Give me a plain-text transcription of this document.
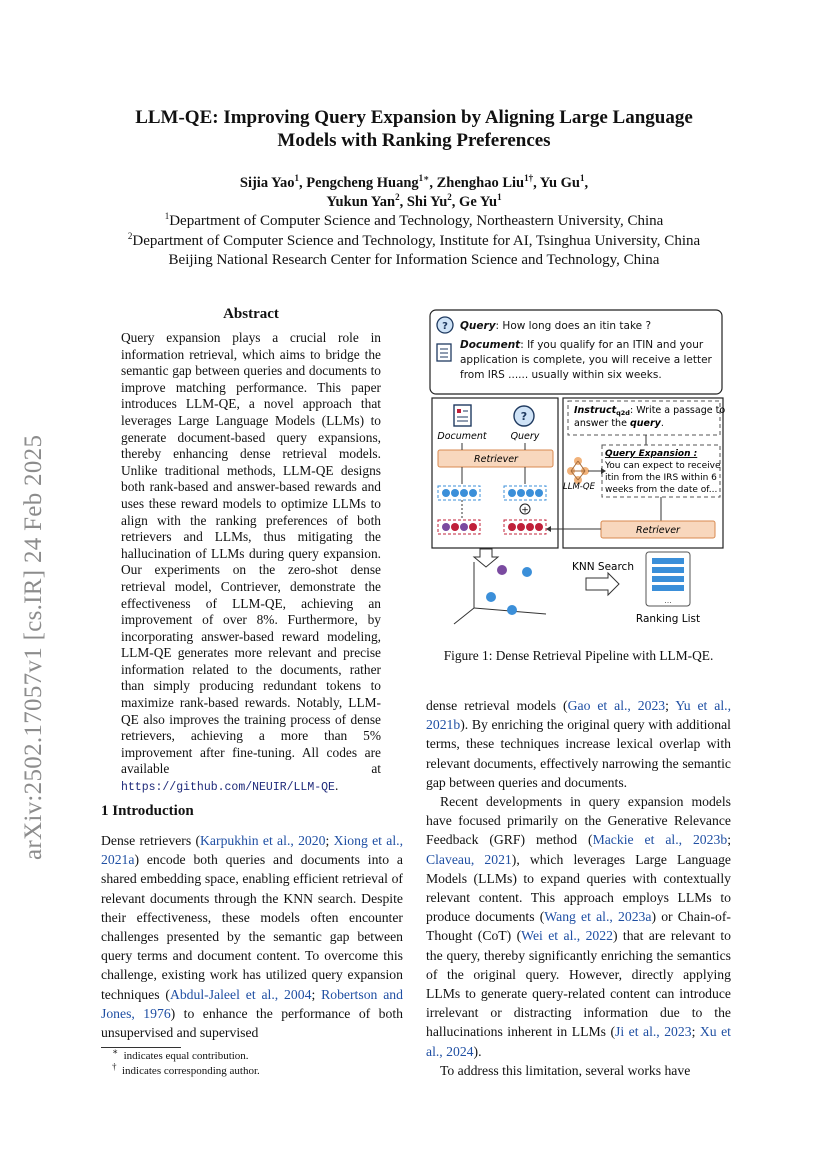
arXiv:2502.17057v1 [cs.IR] 24 Feb 2025
LLM-QE: Improving Query Expansion by Aligning Large Language
Models with Ranking Preferences
Sijia Yao$^1$, Pengcheng Huang$^{1∗}$, Zhenghao Liu$^{1\dagger}$, Yu Gu$^1$,
Yukun Yan$^2$, Shi Yu$^2$, Ge Yu$^1$
$^1$Department of Computer Science and Technology, Northeastern University, China
$^2$Department of Computer Science and Technology, Institute for AI, Tsinghua University, China
Beijing National Research Center for Information Science and Technology, China
Abstract
Query expansion plays a crucial role in information retrieval, which aims to bridge the semantic gap between queries and documents to improve matching performance. This paper introduces LLM-QE, a novel approach that leverages Large Language Models (LLMs) to generate document-based query expansions, thereby enhancing dense retrieval models. Unlike traditional methods, LLM-QE designs both rank-based and answer-based rewards and uses these reward models to optimize LLMs to align with the ranking preferences of both retrievers and LLMs, thus mitigating the hallucination of LLMs during query expansion. Our experiments on the zero-shot dense retrieval model, Contriever, demonstrate the effectiveness of LLM-QE, achieving an improvement of over 8%. Furthermore, by incorporating answer-based reward modeling, LLM-QE generates more relevant and precise information related to the documents, rather than simply producing redundant tokens to maximize rank-based rewards. Notably, LLM-QE also improves the training process of dense retrievers, achieving a more than 5% improvement after fine-tuning. All codes are available at https://github.com/NEUIR/LLM-QE.
1 Introduction

Dense retrievers (Karpukhin et al., 2020; Xiong et al., 2021a) encode both queries and documents into a shared embedding space, enabling efficient retrieval of relevant documents through the KNN search. Despite their effectiveness, these models often encounter challenges presented by the semantic gap between query terms and document content. To overcome this challenge, existing work has utilized query expansion techniques (Abdul-Jaleel et al., 2004; Robertson and Jones, 1976) to enhance the performance of both unsupervised and supervised

∗ indicates equal contribution.
† indicates corresponding author.

dense retrieval models (Gao et al., 2023; Yu et al., 2021b). By enriching the original query with additional terms, these techniques increase lexical overlap with relevant documents, effectively narrowing the semantic gap between queries and documents.

Recent developments in query expansion models have focused primarily on the Generative Relevance Feedback (GRF) method (Mackie et al., 2023b; Claveau, 2021), which leverages Large Language Models (LLMs) to expand queries with contextually relevant content. This approach employs LLMs to produce documents (Wang et al., 2023a) or Chain-of-Thought (CoT) (Wei et al., 2022) that are relevant to the query, thereby significantly enriching the semantics of the original query. However, directly applying LLMs to generate query-related content can introduce irrelevant or distracting information due to the hallucinations inherent in LLMs (Ji et al., 2023; Xu et al., 2024).

To address this limitation, several works have

? Query: How long does an itin take ?
Document: If you qualify for an ITIN and your
application is complete, you will receive a letter
from IRS ...... usually within six weeks.
?
Document	Query
Retriever
+
Instruct$_{q2d}$: Write a passage to
answer the query.
Query Expansion :
You can expect to receive
itin from the IRS within 6
weeks from the date of...
LLM-QE
Retriever
KNN Search
...
Ranking List
Figure 1: Dense Retrieval Pipeline with LLM-QE.
